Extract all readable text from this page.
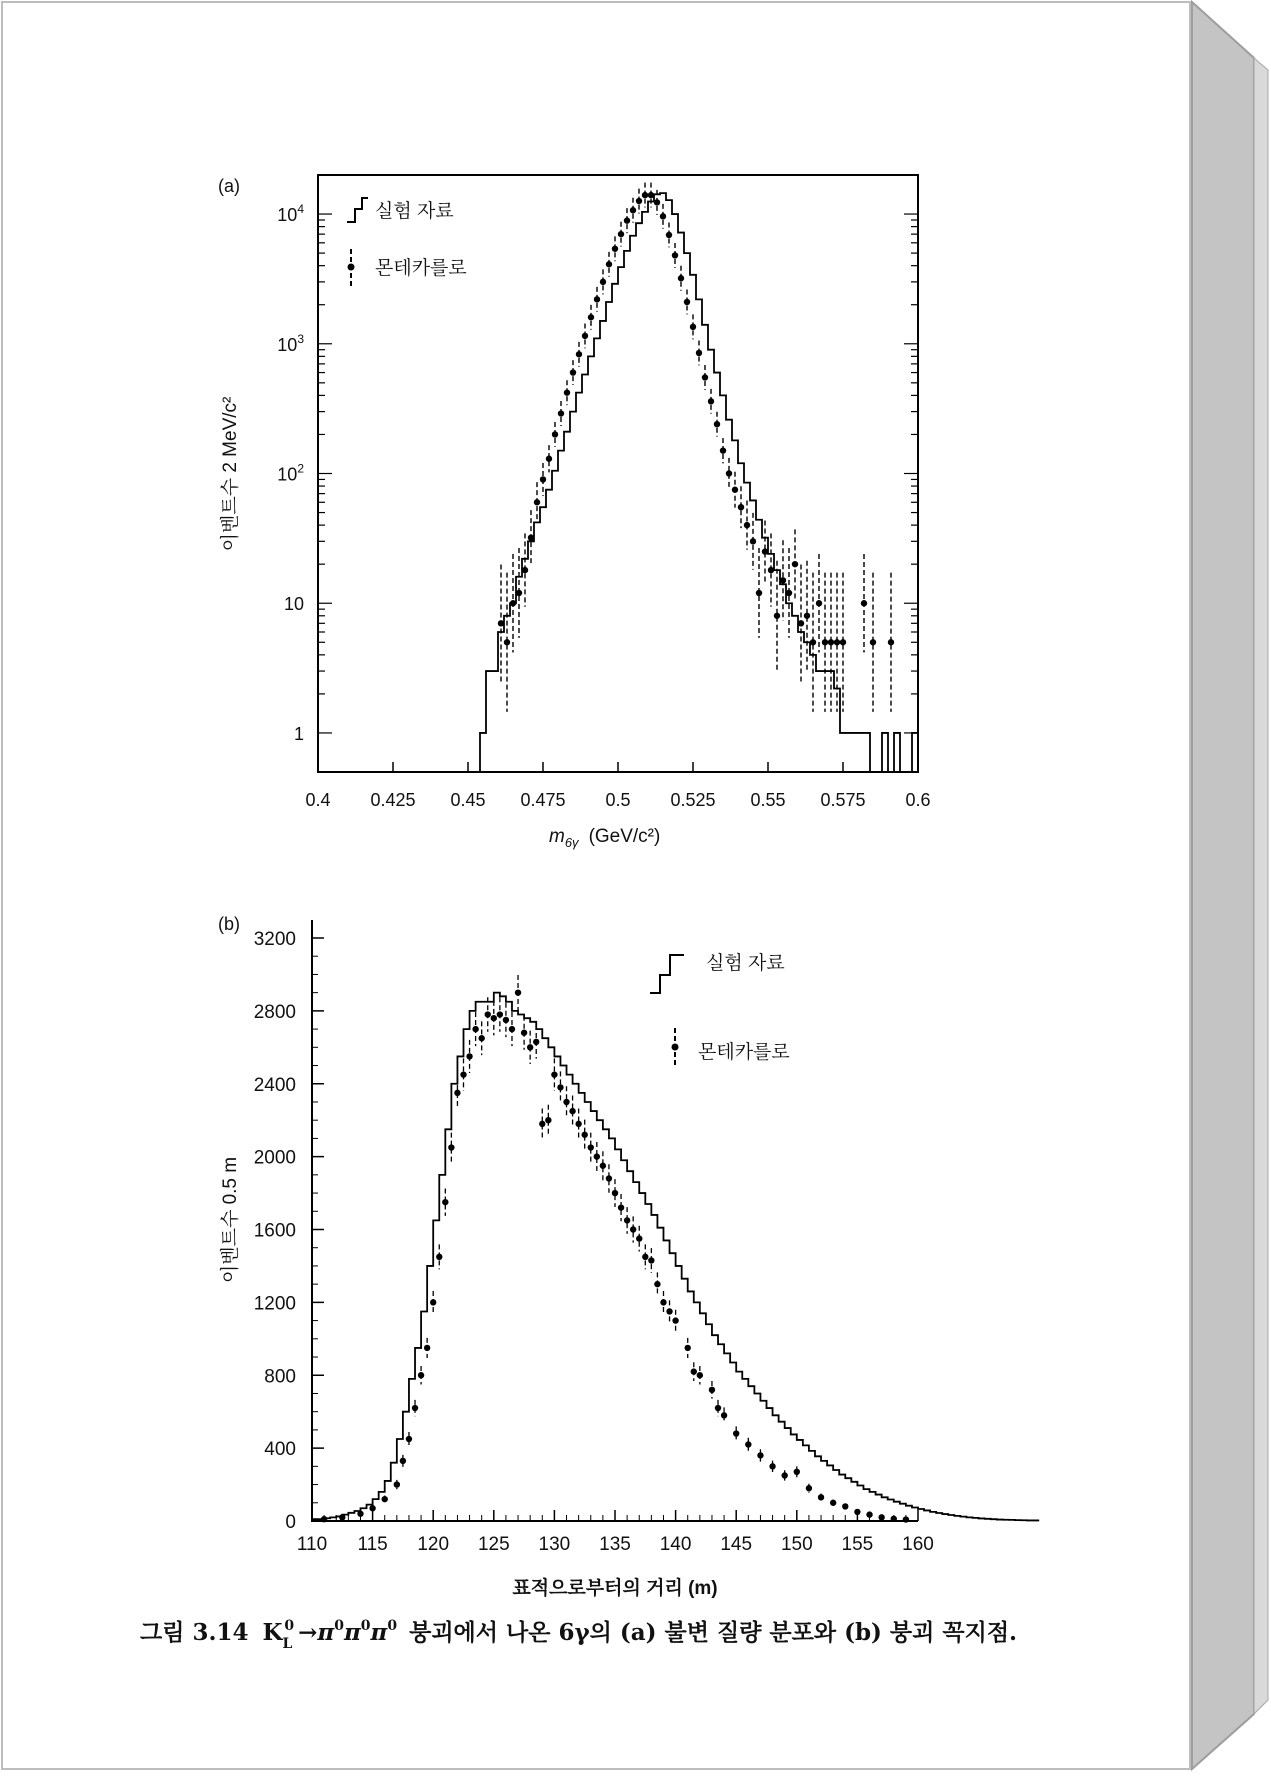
(a)
0.4 0.425 0.45 0.475 0.5 0.525 0.55 0.575 0.6
1
10
$10^2$
$10^3$
$10^4$	실험 자료
몬테카를로
$m_{6\gamma}$ (GeV/c²)
이벤트수 2 MeV/c²
(b)
110 115 120 125 130 135 140 145 150 155 160
0
400
800
1200
1600
2000
2400
2800
3200
실험 자료
몬테카를로
표적으로부터의 거리 (m)
이벤트수 0.5 m
그림 3.14 $K_L0 \to\pi^0\pi^0\pi^0$ 붕괴에서 나온 6γ의 (a) 불변 질량 분포와 (b) 붕괴 꼭지점.
